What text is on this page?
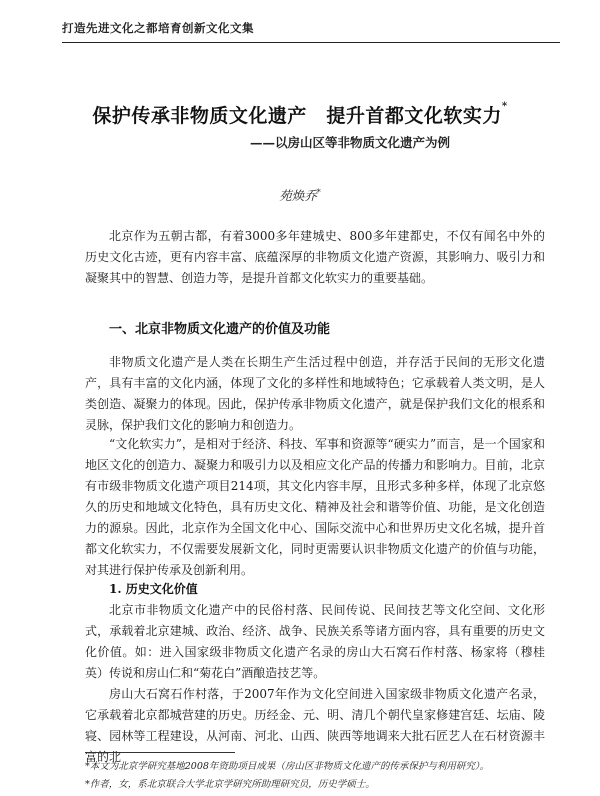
打造先进文化之都培育创新文化文集
保护传承非物质文化遗产　提升首都文化软实力*
——以房山区等非物质文化遗产为例
苑焕乔*

北京作为五朝古都，有着3000多年建城史、800多年建都史，不仅有闻名中外的历史文化古迹，更有内容丰富、底蕴深厚的非物质文化遗产资源，其影响力、吸引力和凝聚其中的智慧、创造力等，是提升首都文化软实力的重要基础。

一、北京非物质文化遗产的价值及功能

非物质文化遗产是人类在长期生产生活过程中创造，并存活于民间的无形文化遗产，具有丰富的文化内涵，体现了文化的多样性和地域特色；它承载着人类文明，是人类创造、凝聚力的体现。因此，保护传承非物质文化遗产，就是保护我们文化的根系和灵脉，保护我们文化的影响力和创造力。

“文化软实力”，是相对于经济、科技、军事和资源等“硬实力”而言，是一个国家和地区文化的创造力、凝聚力和吸引力以及相应文化产品的传播力和影响力。目前，北京有市级非物质文化遗产项目214项，其文化内容丰厚，且形式多种多样，体现了北京悠久的历史和地域文化特色，具有历史文化、精神及社会和谐等价值、功能，是文化创造力的源泉。因此，北京作为全国文化中心、国际交流中心和世界历史文化名城，提升首都文化软实力，不仅需要发展新文化，同时更需要认识非物质文化遗产的价值与功能，对其进行保护传承及创新利用。

1. 历史文化价值

北京市非物质文化遗产中的民俗村落、民间传说、民间技艺等文化空间、文化形式，承载着北京建城、政治、经济、战争、民族关系等诸方面内容，具有重要的历史文化价值。如：进入国家级非物质文化遗产名录的房山大石窝石作村落、杨家将（穆桂英）传说和房山仁和“菊花白”酒酿造技艺等。

房山大石窝石作村落，于2007年作为文化空间进入国家级非物质文化遗产名录，它承载着北京都城营建的历史。历经金、元、明、清几个朝代皇家修建宫廷、坛庙、陵寝、园林等工程建设，从河南、河北、山西、陕西等地调来大批石匠艺人在石材资源丰富的北

*本文为北京学研究基地2008年资助项目成果（房山区非物质文化遗产的传承保护与利用研究）。
*作者，女，系北京联合大学北京学研究所助理研究员，历史学硕士。
